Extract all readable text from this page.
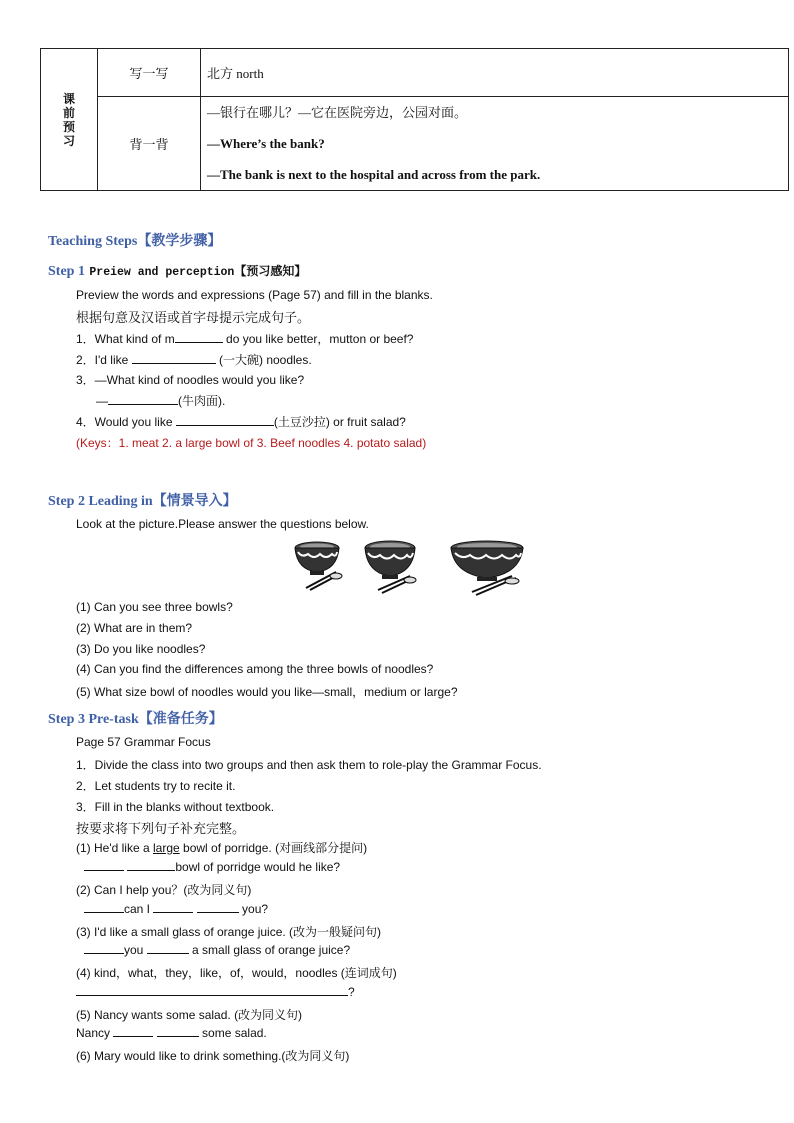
课
前
预
习	写一写	北方 north
	背一背	—银行在哪儿？—它在医院旁边，公园对面。
—Where’s the bank?
—The bank is next to the hospital and across from the park.
Teaching Steps【教学步骤】
Step 1 Preiew and perception【预习感知】
Preview the words and expressions (Page 57) and fill in the blanks.
根据句意及汉语或首字母提示完成句子。
1．What kind of m	do you like better，mutton or beef?
2．I'd like	(一大碗) noodles.
3．—What kind of noodles would you like?
—	(牛肉面).
4．Would you like	(土豆沙拉) or fruit salad?
(Keys：1. meat 2. a large bowl of 3. Beef noodles 4. potato salad)
Step 2 Leading in【情景导入】
Look at the picture.Please answer the questions below.
(1) Can you see three bowls?
(2) What are in them?
(3) Do you like noodles?
(4) Can you find the differences among the three bowls of noodles?
(5) What size bowl of noodles would you like—small，medium or large?
Step 3 Pre-task【准备任务】
Page 57 Grammar Focus
1．Divide the class into two groups and then ask them to role-play the Grammar Focus.
2．Let students try to recite it.
3．Fill in the blanks without textbook.
按要求将下列句子补充完整。
(1) He'd like a large bowl of porridge. (对画线部分提问)
bowl of porridge would he like?
(2) Can I help you？(改为同义句)
can I	you?
(3) I'd like a small glass of orange juice. (改为一般疑问句)
you	a small glass of orange juice?
(4) kind，what，they，like，of，would，noodles (连词成句)
?
(5) Nancy wants some salad. (改为同义句)
Nancy	some salad.
(6) Mary would like to drink something.(改为同义句)
